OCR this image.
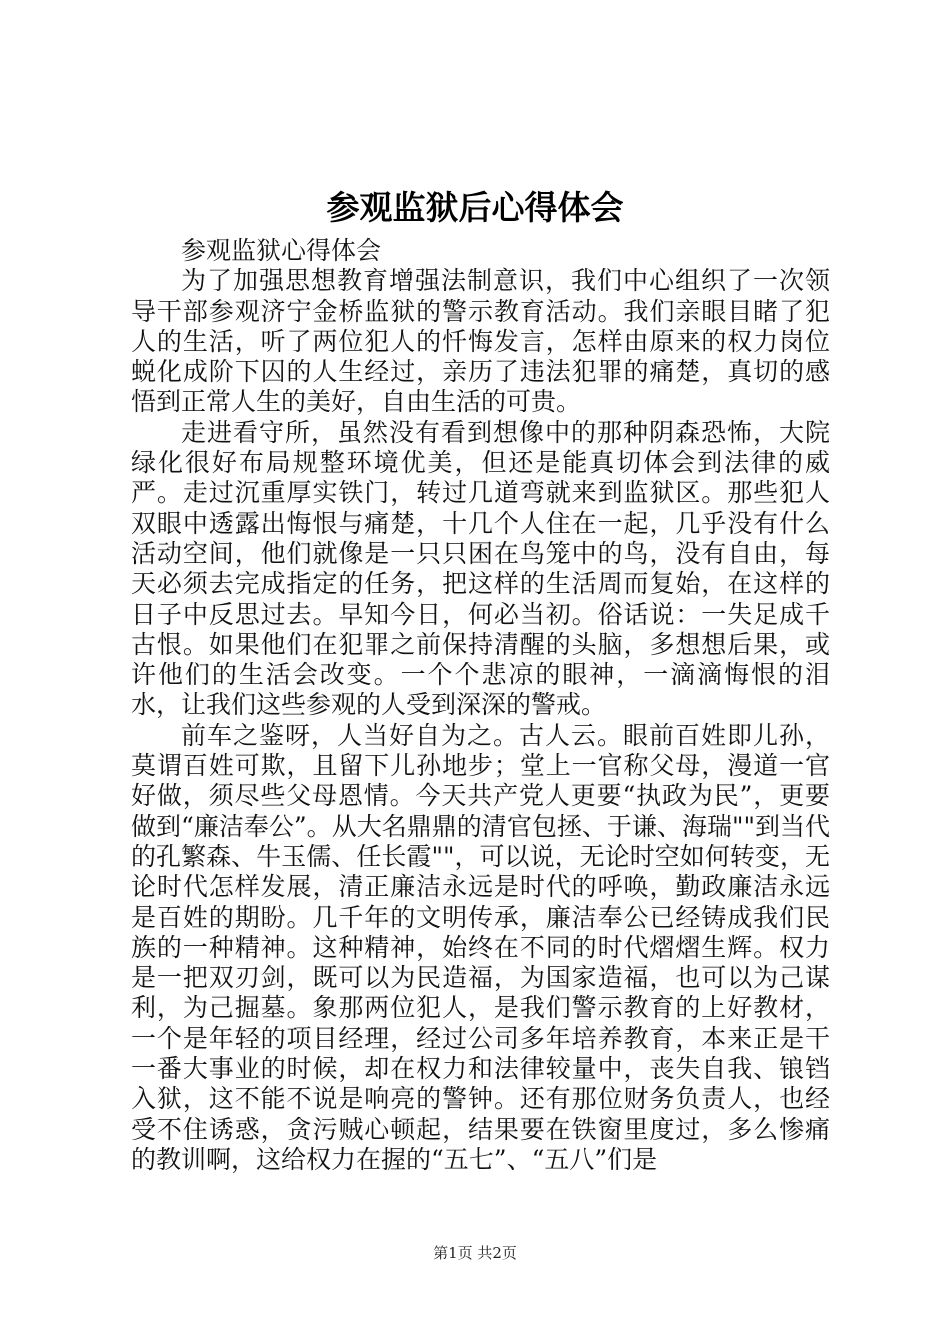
参观监狱后心得体会

参观监狱心得体会

为了加强思想教育增强法制意识，我们中心组织了一次领导干部参观济宁金桥监狱的警示教育活动。我们亲眼目睹了犯人的生活，听了两位犯人的忏悔发言，怎样由原来的权力岗位蜕化成阶下囚的人生经过，亲历了违法犯罪的痛楚，真切的感悟到正常人生的美好，自由生活的可贵。

走进看守所，虽然没有看到想像中的那种阴森恐怖，大院绿化很好布局规整环境优美，但还是能真切体会到法律的威严。走过沉重厚实铁门，转过几道弯就来到监狱区。那些犯人双眼中透露出悔恨与痛楚，十几个人住在一起，几乎没有什么活动空间，他们就像是一只只困在鸟笼中的鸟，没有自由，每天必须去完成指定的任务，把这样的生活周而复始，在这样的日子中反思过去。早知今日，何必当初。俗话说：一失足成千古恨。如果他们在犯罪之前保持清醒的头脑，多想想后果，或许他们的生活会改变。一个个悲凉的眼神，一滴滴悔恨的泪水，让我们这些参观的人受到深深的警戒。

前车之鉴呀，人当好自为之。古人云。眼前百姓即儿孙，莫谓百姓可欺，且留下儿孙地步；堂上一官称父母，漫道一官好做，须尽些父母恩情。今天共产党人更要“执政为民”，更要做到“廉洁奉公”。从大名鼎鼎的清官包拯、于谦、海瑞""到当代的孔繁森、牛玉儒、任长霞""，可以说，无论时空如何转变，无论时代怎样发展，清正廉洁永远是时代的呼唤，勤政廉洁永远是百姓的期盼。几千年的文明传承，廉洁奉公已经铸成我们民族的一种精神。这种精神，始终在不同的时代熠熠生辉。权力是一把双刃剑，既可以为民造福，为国家造福，也可以为己谋利，为己掘墓。象那两位犯人，是我们警示教育的上好教材，一个是年轻的项目经理，经过公司多年培养教育，本来正是干一番大事业的时候，却在权力和法律较量中，丧失自我、锒铛入狱，这不能不说是响亮的警钟。还有那位财务负责人，也经受不住诱惑，贪污贼心顿起，结果要在铁窗里度过，多么惨痛的教训啊，这给权力在握的“五七”、“五八”们是

第1页 共2页
